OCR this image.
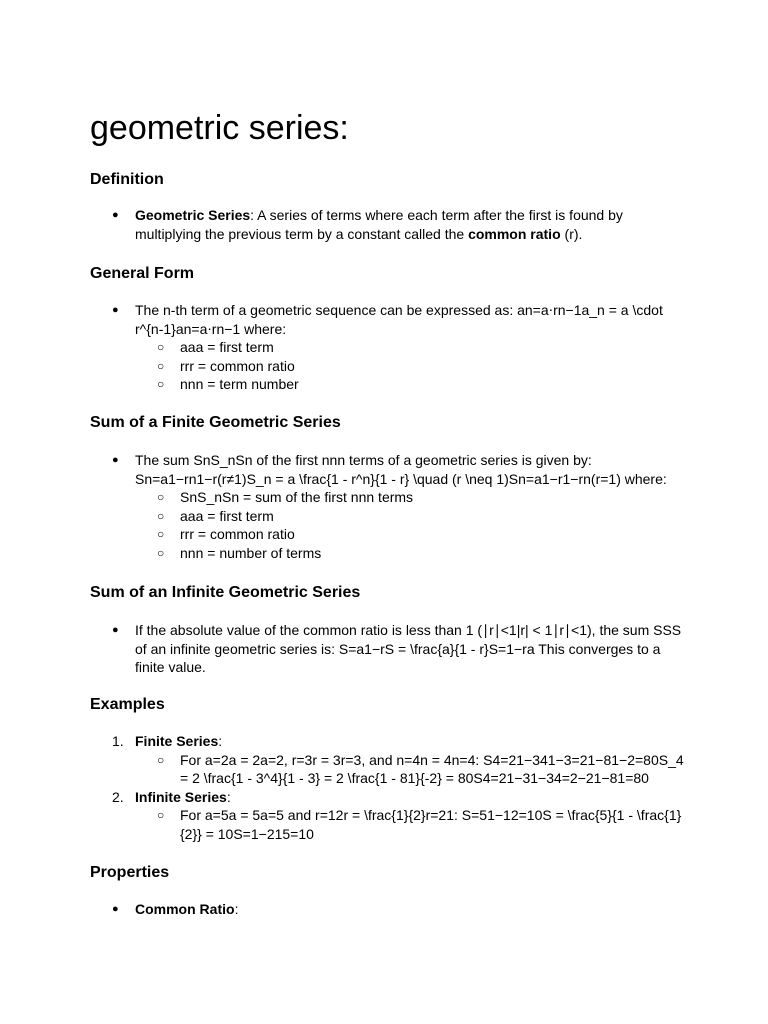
geometric series:
Definition
● Geometric Series: A series of terms where each term after the first is found by multiplying the previous term by a constant called the common ratio (r).
General Form
● The n-th term of a geometric sequence can be expressed as: an=a⋅rn−1a_n = a \cdot r^{n-1}an=a⋅rn−1 where:
○ aaa = first term
○ rrr = common ratio
○ nnn = term number
Sum of a Finite Geometric Series
● The sum SnS_nSn of the first nnn terms of a geometric series is given by: Sn=a1−rn1−r(r≠1)S_n = a \frac{1 - r^n}{1 - r} \quad (r \neq 1)Sn=a1−r1−rn(r=1) where:
○ SnS_nSn = sum of the first nnn terms
○ aaa = first term
○ rrr = common ratio
○ nnn = number of terms
Sum of an Infinite Geometric Series
● If the absolute value of the common ratio is less than 1 (∣r∣<1|r| < 1∣r∣<1), the sum SSS of an infinite geometric series is: S=a1−rS = \frac{a}{1 - r}S=1−ra This converges to a finite value.
Examples
1. Finite Series:
○ For a=2a = 2a=2, r=3r = 3r=3, and n=4n = 4n=4: S4=21−341−3=21−81−2=80S_4 = 2 \frac{1 - 3^4}{1 - 3} = 2 \frac{1 - 81}{-2} = 80S4=21−31−34=2−21−81=80
2. Infinite Series:
○ For a=5a = 5a=5 and r=12r = \frac{1}{2}r=21: S=51−12=10S = \frac{5}{1 - \frac{1}{2}} = 10S=1−215=10
Properties
● Common Ratio:
